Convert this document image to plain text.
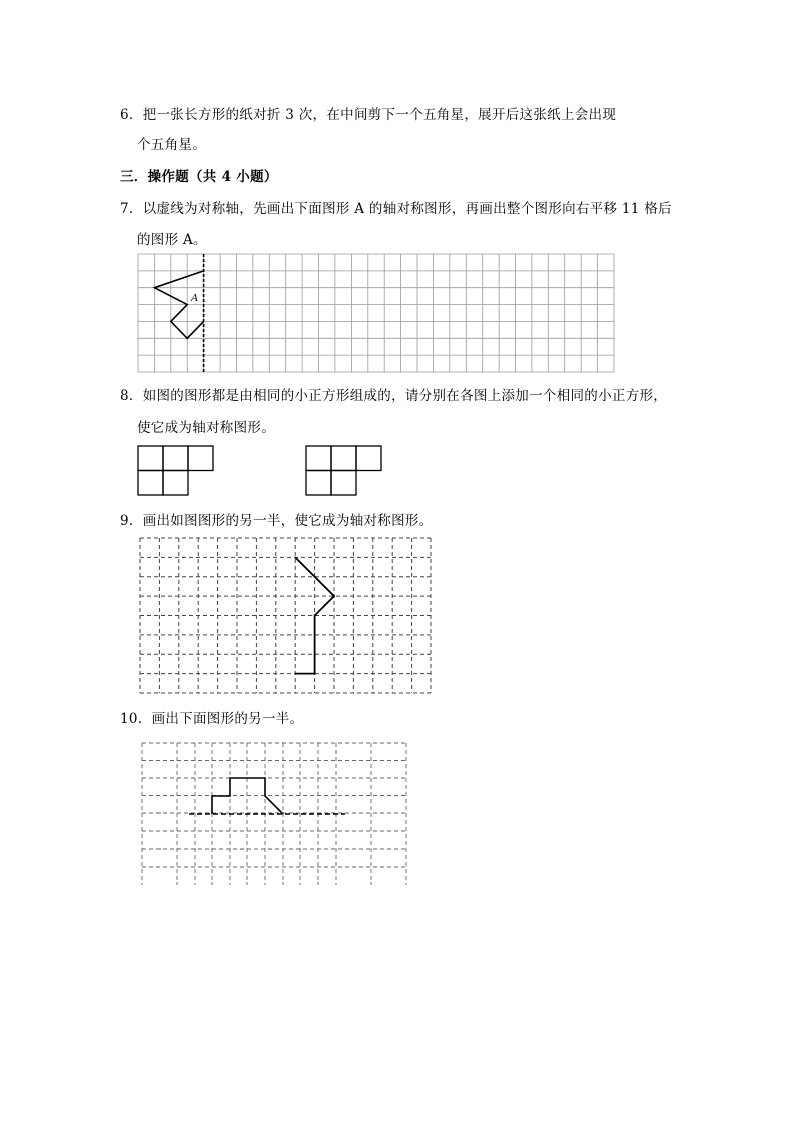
6．把一张长方形的纸对折 3 次，在中间剪下一个五角星，展开后这张纸上会出现
个五角星。
三．操作题（共 4 小题）
7．以虚线为对称轴，先画出下面图形 A 的轴对称图形，再画出整个图形向右平移 11 格后
的图形 A。
A
8．如图的图形都是由相同的小正方形组成的，请分别在各图上添加一个相同的小正方形，
使它成为轴对称图形。
9．画出如图图形的另一半，使它成为轴对称图形。
10．画出下面图形的另一半。
